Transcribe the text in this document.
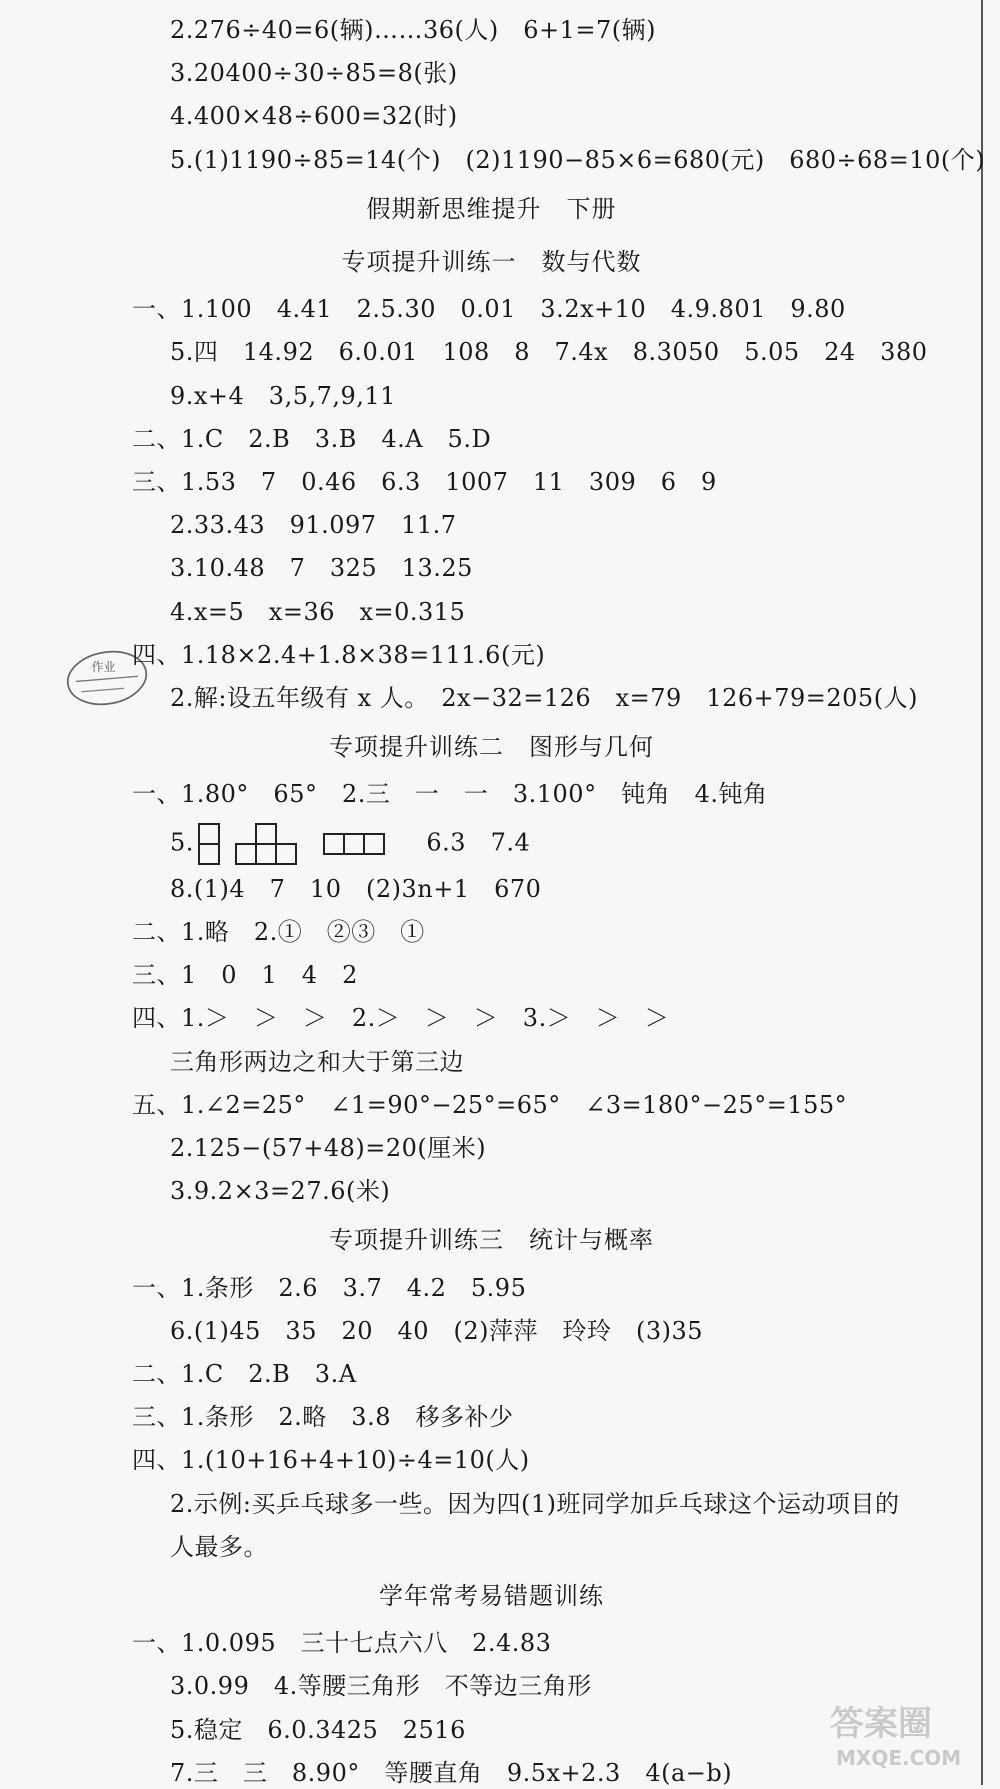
作业
2.276÷40=6(辆)……36(人)　6+1=7(辆)
3.20400÷30÷85=8(张)
4.400×48÷600=32(时)
5.(1)1190÷85=14(个)　(2)1190−85×6=680(元)　680÷68=10(个)
假期新思维提升　下册
专项提升训练一　数与代数
一、1.100　4.41　2.5.30　0.01　3.2x+10　4.9.801　9.80
5.四　14.92　6.0.01　108　8　7.4x　8.3050　5.05　24　380
9.x+4　3,5,7,9,11
二、1.C　2.B　3.B　4.A　5.D
三、1.53　7　0.46　6.3　1007　11　309　6　9
2.33.43　91.097　11.7
3.10.48　7　325　13.25
4.x=5　x=36　x=0.315
四、1.18×2.4+1.8×38=111.6(元)
2.解:设五年级有 x 人。　2x−32=126　x=79　126+79=205(人)
专项提升训练二　图形与几何
一、1.80°　65°　2.三　一　一　3.100°　钝角　4.钝角
5.	　6.3　7.4
8.(1)4　7　10　(2)3n+1　670
二、1.略　2.①　②③　①
三、1　0　1　4　2
四、1.＞　＞　＞　2.＞　＞　＞　3.＞　＞　＞
三角形两边之和大于第三边
五、1.∠2=25°　∠1=90°−25°=65°　∠3=180°−25°=155°
2.125−(57+48)=20(厘米)
3.9.2×3=27.6(米)
专项提升训练三　统计与概率
一、1.条形　2.6　3.7　4.2　5.95
6.(1)45　35　20　40　(2)萍萍　玲玲　(3)35
二、1.C　2.B　3.A
三、1.条形　2.略　3.8　移多补少
四、1.(10+16+4+10)÷4=10(人)
2.示例:买乒乓球多一些。因为四(1)班同学加乒乓球这个运动项目的
人最多。
学年常考易错题训练
一、1.0.095　三十七点六八　2.4.83
3.0.99　4.等腰三角形　不等边三角形
5.稳定　6.0.3425　2516
7.三　三　8.90°　等腰直角　9.5x+2.3　4(a−b)
答案圈
MXQE.COM
